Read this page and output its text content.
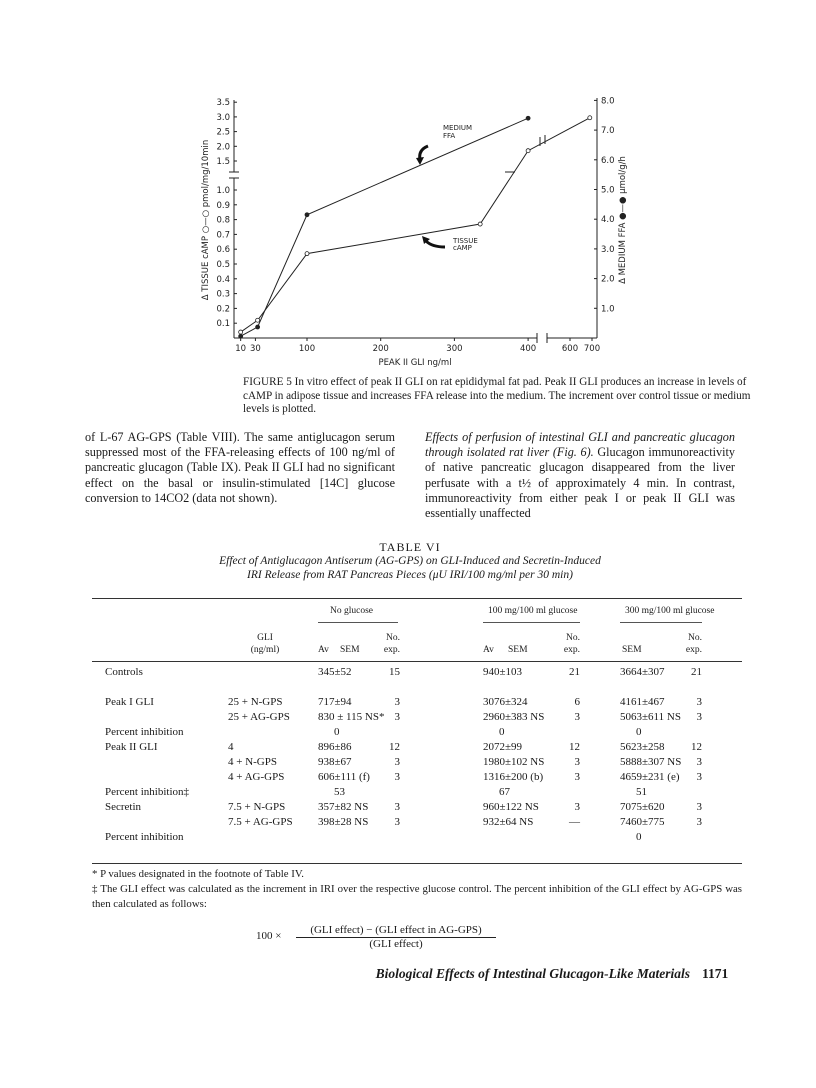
10 30	100	200	300	400	600 700
0.1
0.2
0.3
0.4
0.5
0.6
0.7
0.8
0.9
1.0
1.5
2.0
2.5
3.0
3.5
1.0
2.0
3.0
4.0
5.0
6.0
7.0
8.0
PEAK II GLI ng/ml
Δ TISSUE cAMP ○—○ pmol/mg/10min	Δ MEDIUM FFA ●—● μmol/g/h
MEDIUM
FFA
TISSUE
cAMP
FIGURE 5 In vitro effect of peak II GLI on rat epididymal fat pad. Peak II GLI produces an increase in levels of cAMP in adipose tissue and increases FFA release into the medium. The increment over control tissue or medium levels is plotted.
of L-67 AG-GPS (Table VIII). The same antiglucagon serum suppressed most of the FFA-releasing effects of 100 ng/ml of pancreatic glucagon (Table IX). Peak II GLI had no significant effect on the basal or insulin-stimulated [14C] glucose conversion to 14CO2 (data not shown).
Effects of perfusion of intestinal GLI and pancreatic glucagon through isolated rat liver (Fig. 6). Glucagon immunoreactivity of native pancreatic glucagon disappeared from the liver perfusate with a t½ of approximately 4 min. In contrast, immunoreactivity from either peak I or peak II GLI was essentially unaffected
TABLE VI
Effect of Antiglucagon Antiserum (AG-GPS) on GLI-Induced and Secretin-Induced
IRI Release from RAT Pancreas Pieces (μU IRI/100 mg/ml per 30 min)
No glucose	100 mg/100 ml glucose	300 mg/100 ml glucose
GLI
(ng/ml)	Av SEM
No.
exp.	Av SEM
No.
exp.	SEM
No.
exp.
Controls		345±52	15	940±103	21	3664±307	21

Peak I GLI	25 + N-GPS	717±94	3	3076±324	6	4161±467	3
	25 + AG-GPS	830 ± 115 NS*	3	2960±383 NS	3	5063±611 NS	3
Percent inhibition		0		0		0	
Peak II GLI	4	896±86	12	2072±99	12	5623±258	12
	4 + N-GPS	938±67	3	1980±102 NS	3	5888±307 NS	3
	4 + AG-GPS	606±111 (f)	3	1316±200 (b)	3	4659±231 (e)	3
Percent inhibition‡		53		67		51	
Secretin	7.5 + N-GPS	357±82 NS	3	960±122 NS	3	7075±620	3
	7.5 + AG-GPS	398±28 NS	3	932±64 NS	—	7460±775	3
Percent inhibition						0	
* P values designated in the footnote of Table IV.
‡ The GLI effect was calculated as the increment in IRI over the respective glucose control. The percent inhibition of the GLI effect by AG-GPS was then calculated as follows:
100 ×	(GLI effect) − (GLI effect in AG-GPS)
(GLI effect)
Biological Effects of Intestinal Glucagon-Like Materials 1171
